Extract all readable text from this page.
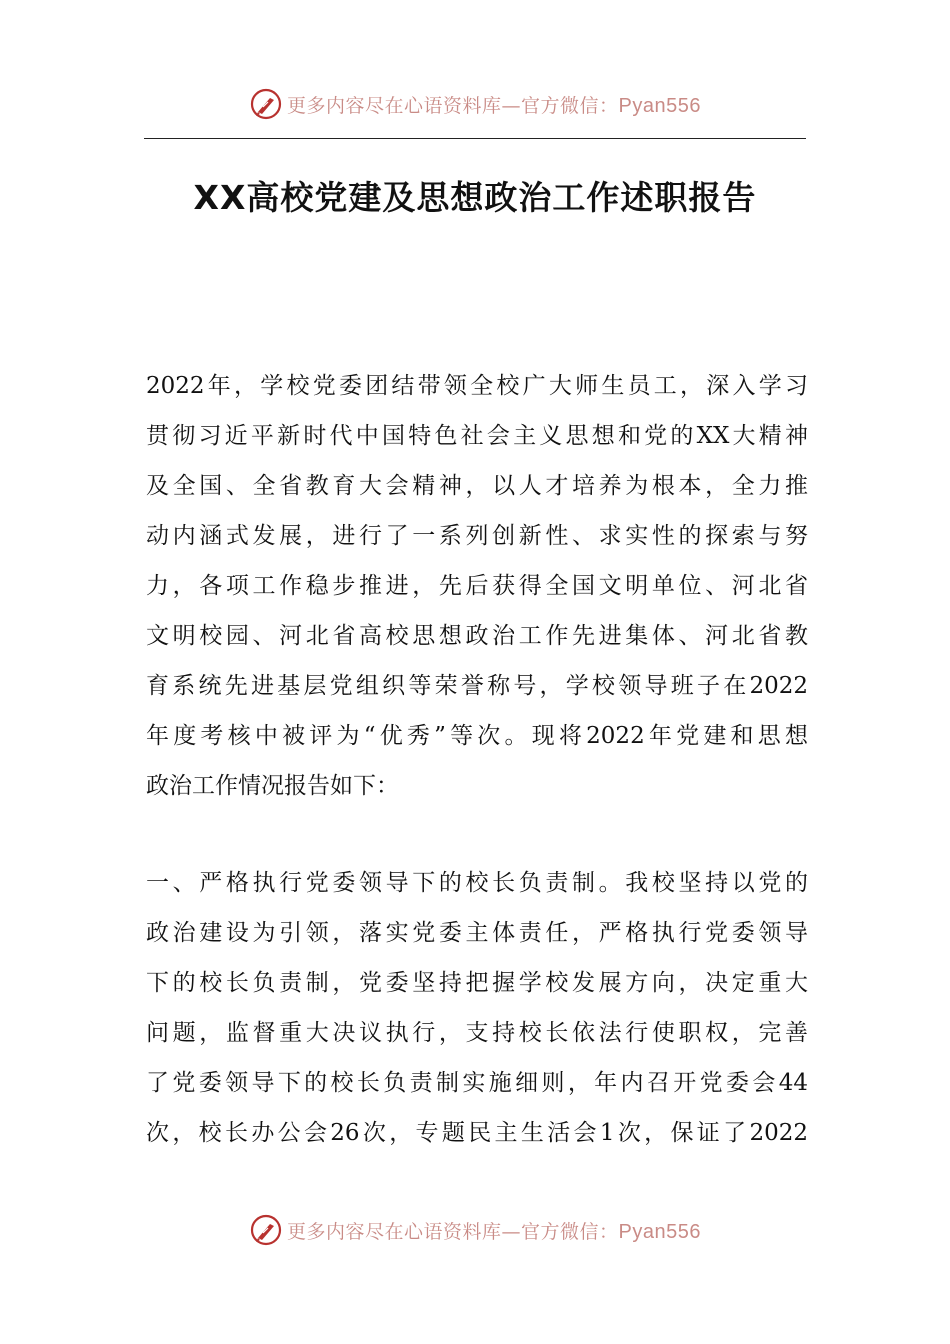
更多内容尽在心语资料库—官方微信：Pyan556
XX高校党建及思想政治工作述职报告
2022年，学校党委团结带领全校广大师生员工，深入学习
贯彻习近平新时代中国特色社会主义思想和党的XX大精神
及全国、全省教育大会精神，以人才培养为根本，全力推
动内涵式发展，进行了一系列创新性、求实性的探索与努
力，各项工作稳步推进，先后获得全国文明单位、河北省
文明校园、河北省高校思想政治工作先进集体、河北省教
育系统先进基层党组织等荣誉称号，学校领导班子在2022
年度考核中被评为“优秀”等次。现将2022年党建和思想
政治工作情况报告如下：
一、严格执行党委领导下的校长负责制。我校坚持以党的
政治建设为引领，落实党委主体责任，严格执行党委领导
下的校长负责制，党委坚持把握学校发展方向，决定重大
问题，监督重大决议执行，支持校长依法行使职权，完善
了党委领导下的校长负责制实施细则，年内召开党委会44
次，校长办公会26次，专题民主生活会1次，保证了2022
更多内容尽在心语资料库—官方微信：Pyan556
